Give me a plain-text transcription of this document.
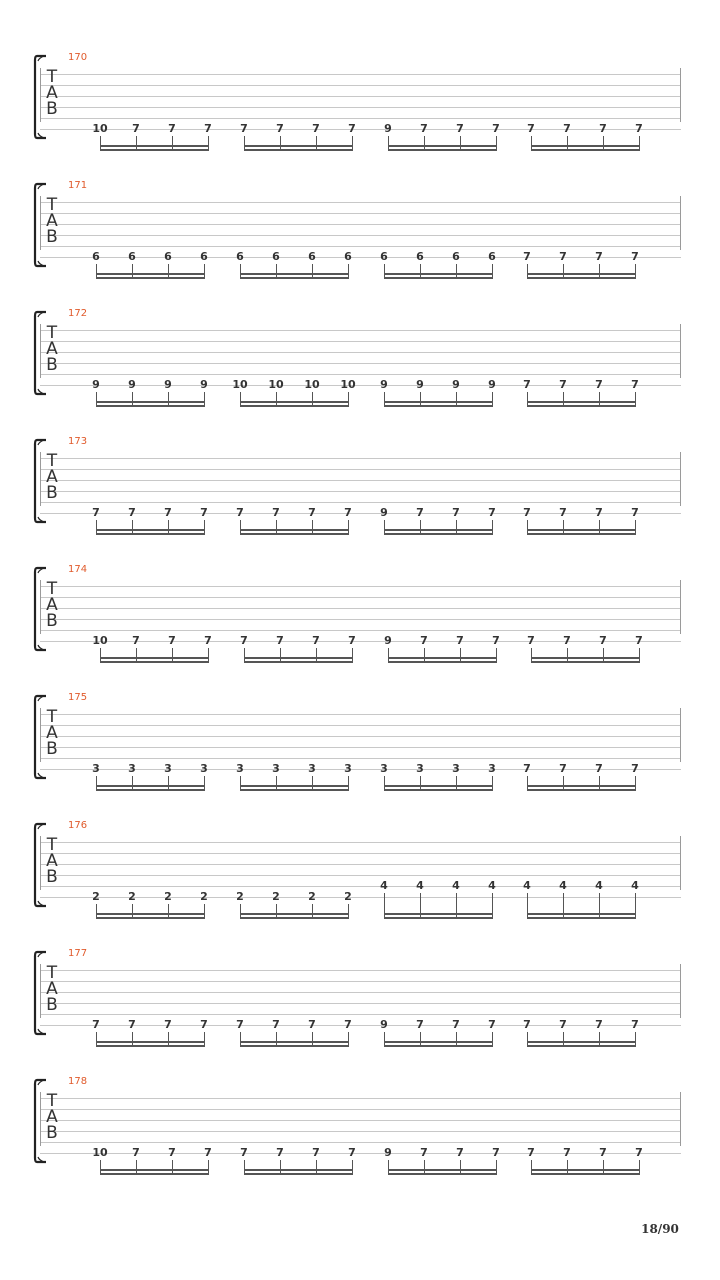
170
T
A
B
10	7	7	7	7	7	7	7	9	7	7	7	7	7	7	7
171
T
A
B
6	6	6	6	6	6	6	6	6	6	6	6	7	7	7	7
172
T
A
B
9	9	9	9	10	10	10	10	9	9	9	9	7	7	7	7
173
T
A
B
7	7	7	7	7	7	7	7	9	7	7	7	7	7	7	7
174
T
A
B
10	7	7	7	7	7	7	7	9	7	7	7	7	7	7	7
175
T
A
B
3	3	3	3	3	3	3	3	3	3	3	3	7	7	7	7
176
T
A
B
2	2	2	2	2	2	2	2
4	4	4	4	4	4	4	4
177
T
A
B
7	7	7	7	7	7	7	7	9	7	7	7	7	7	7	7
178
T
A
B
10	7	7	7	7	7	7	7	9	7	7	7	7	7	7	7
18/90
